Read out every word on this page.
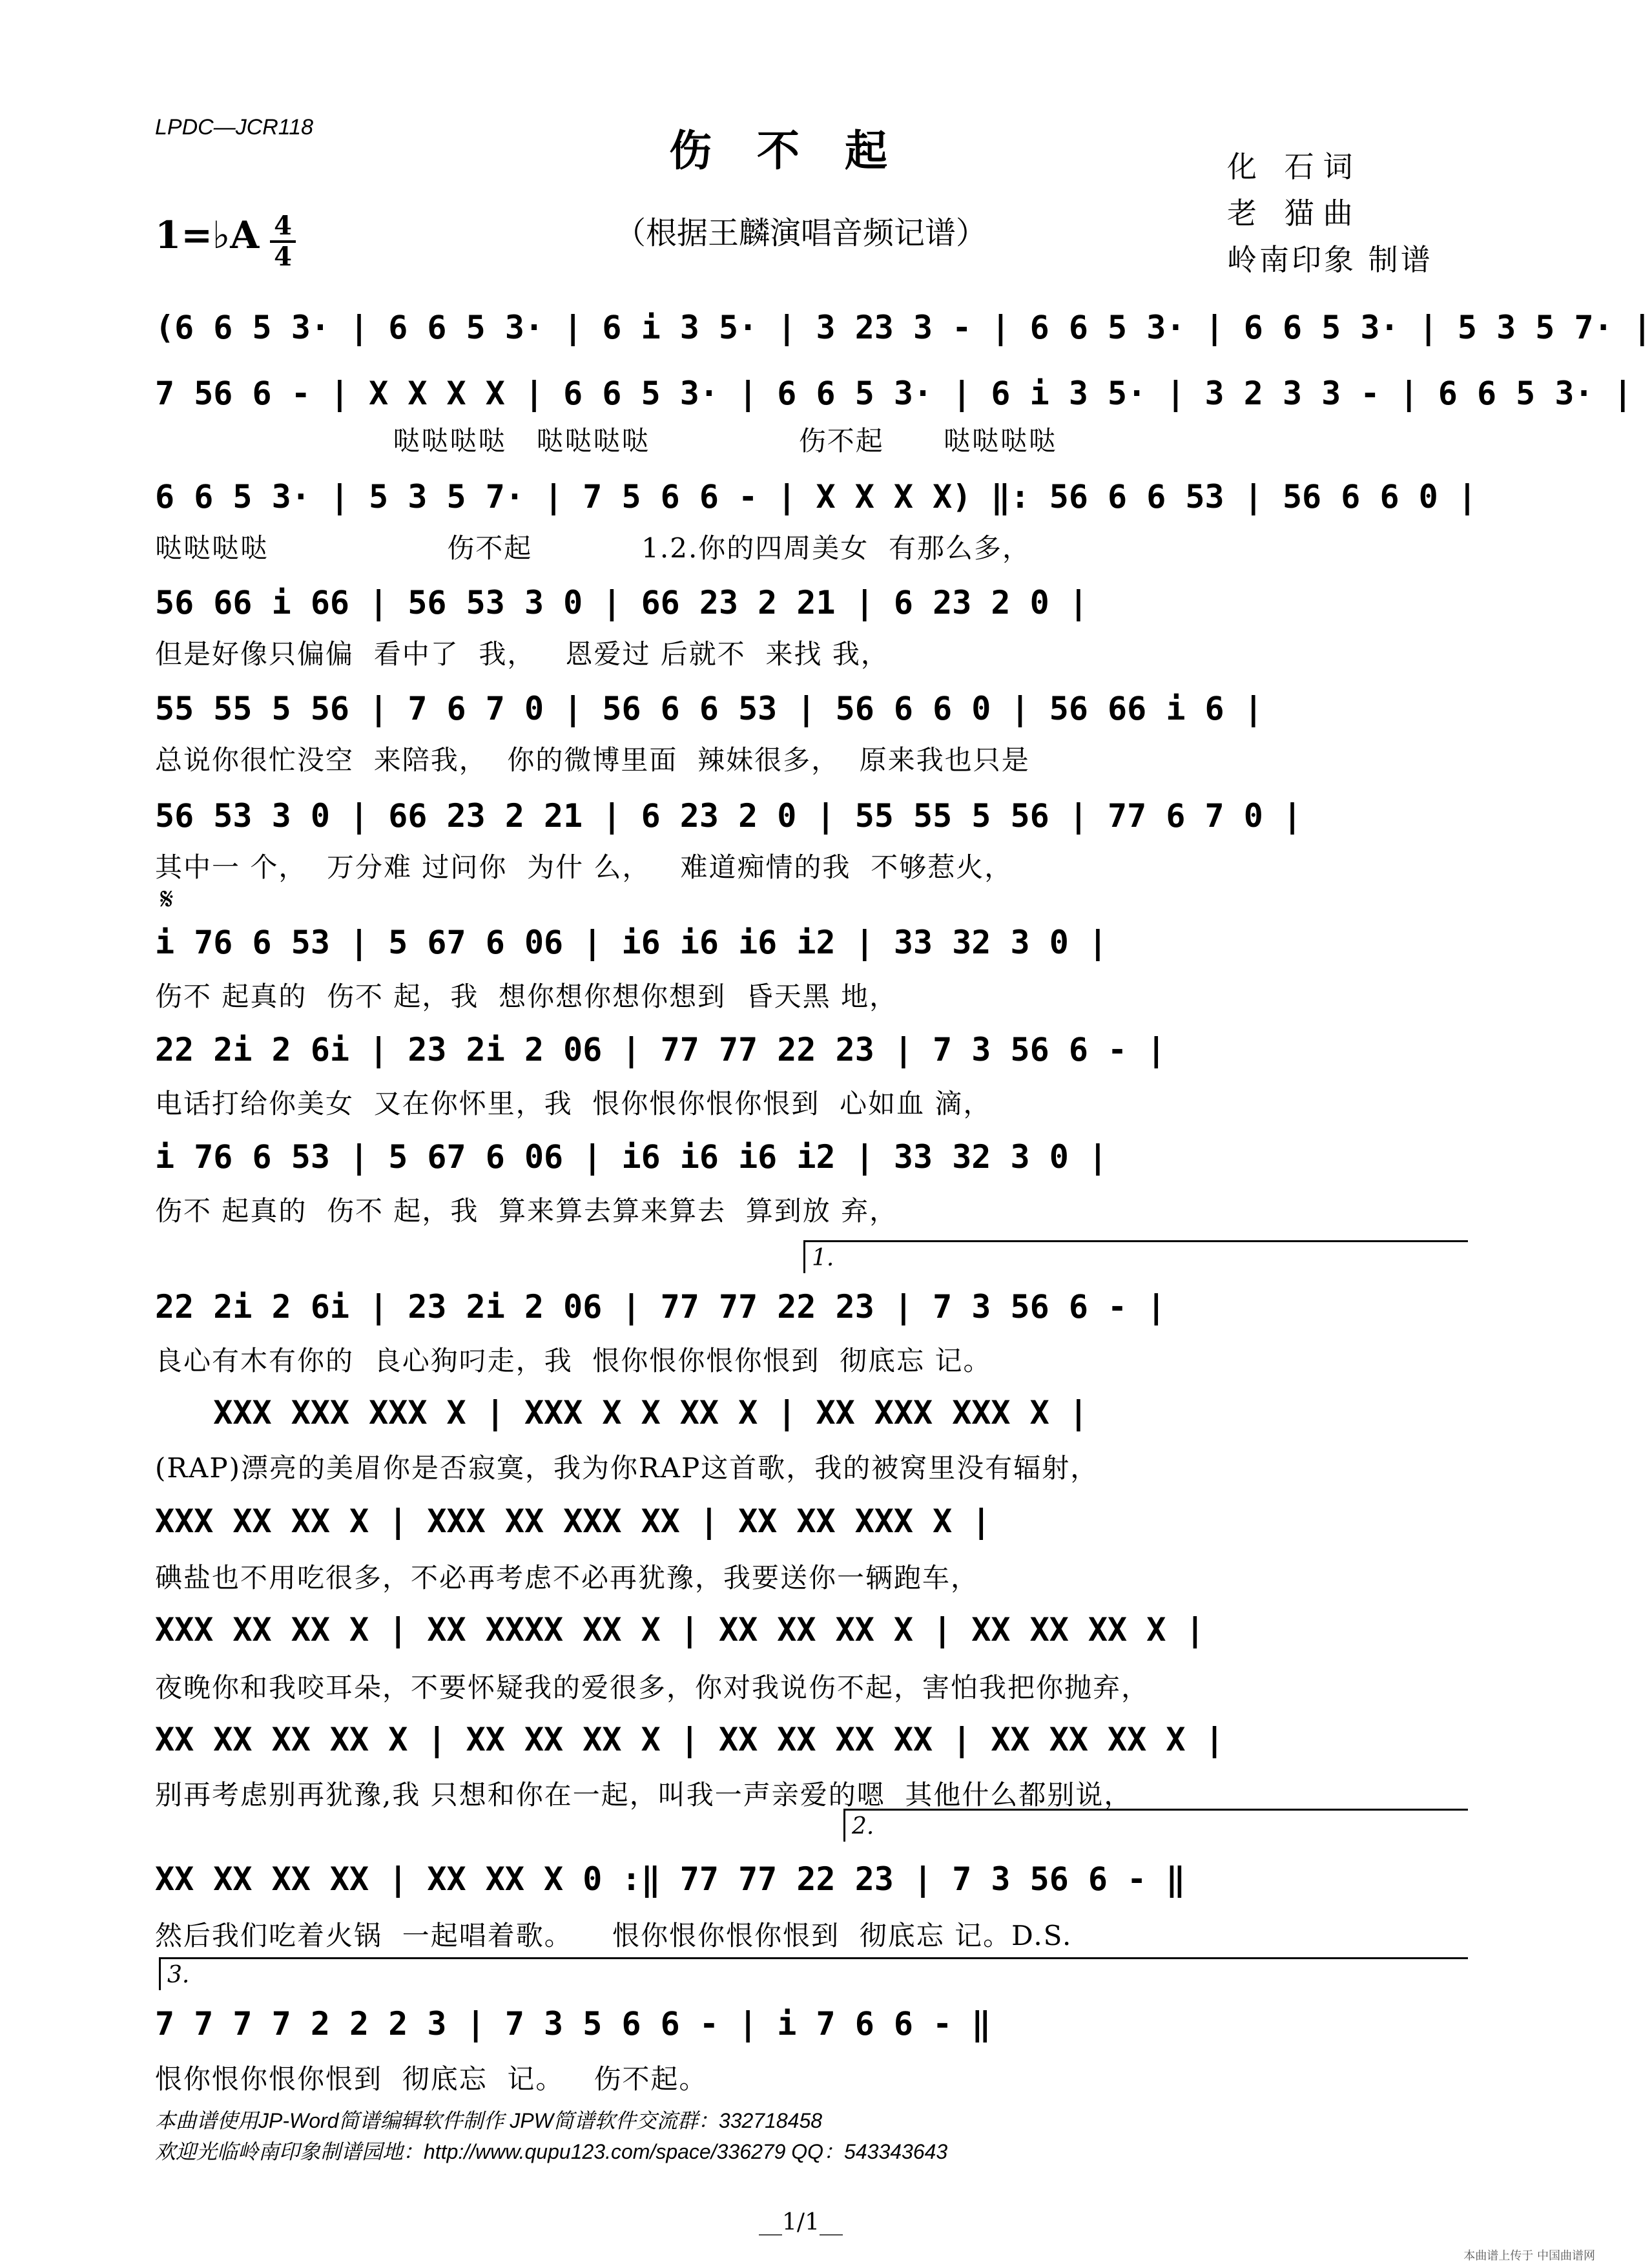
LPDC—JCR118	伤不起
（根据王麟演唱音频记谱）
化 石词
老 猫曲
岭南印象 制谱
1=♭A 4
4
(6 6 5 3· | 6 6 5 3· | 6 i 3 5· | 3 23 3 - | 6 6 5 3· | 6 6 5 3· | 5 3 5 7· |
7 56 6 - | X X X X | 6 6 5 3· | 6 6 5 3· | 6 i 3 5· | 3 2 3 3 - | 6 6 5 3· |
哒哒哒哒   哒哒哒哒               伤不起      哒哒哒哒
6 6 5 3· | 5 3 5 7· | 7 5 6 6 - | X X X X) ‖: 56 6 6 53 | 56 6 6 0 |
哒哒哒哒                  伤不起           1.2.你的四周美女  有那么多，
56 66 i 66 | 56 53 3 0 | 66 23 2 21 | 6 23 2 0 |
但是好像只偏偏  看中了  我，   恩爱过 后就不  来找 我，
55 55 5 56 | 7 6 7 0 | 56 6 6 53 | 56 6 6 0 | 56 66 i 6 |
总说你很忙没空  来陪我，  你的微博里面  辣妹很多，  原来我也只是
56 53 3 0 | 66 23 2 21 | 6 23 2 0 | 55 55 5 56 | 77 6 7 0 |
其中一 个，  万分难 过问你  为什 么，   难道痴情的我  不够惹火，
𝄋
i 76 6 53 | 5 67 6 06 | i6 i6 i6 i2 | 33 32 3 0 |
伤不 起真的  伤不 起，我  想你想你想你想到  昏天黑 地，
22 2i 2 6i | 23 2i 2 06 | 77 77 22 23 | 7 3 56 6 - |
电话打给你美女  又在你怀里，我  恨你恨你恨你恨到  心如血 滴，
i 76 6 53 | 5 67 6 06 | i6 i6 i6 i2 | 33 32 3 0 |
伤不 起真的  伤不 起，我  算来算去算来算去  算到放 弃，
1.
22 2i 2 6i | 23 2i 2 06 | 77 77 22 23 | 7 3 56 6 - |
良心有木有你的  良心狗叼走，我  恨你恨你恨你恨到  彻底忘 记。
XXX XXX XXX X | XXX X X XX X | XX XXX XXX X |
(RAP)漂亮的美眉你是否寂寞，我为你RAP这首歌，我的被窝里没有辐射，
XXX XX XX X | XXX XX XXX XX | XX XX XXX X |
碘盐也不用吃很多，不必再考虑不必再犹豫，我要送你一辆跑车，
XXX XX XX X | XX XXXX XX X | XX XX XX X | XX XX XX X |
夜晚你和我咬耳朵，不要怀疑我的爱很多，你对我说伤不起，害怕我把你抛弃，
XX XX XX XX X | XX XX XX X | XX XX XX XX | XX XX XX X |
别再考虑别再犹豫,我 只想和你在一起，叫我一声亲爱的嗯  其他什么都别说，
2.
XX XX XX XX | XX XX X 0 :‖ 77 77 22 23 | 7 3 56 6 - ‖
然后我们吃着火锅  一起唱着歌。    恨你恨你恨你恨到  彻底忘 记。D.S.
3.
7 7 7 7 2 2 2 3 | 7 3 5 6 6 - | i 7 6 6 - ‖
恨你恨你恨你恨到  彻底忘  记。   伤不起。
本曲谱使用JP-Word简谱编辑软件制作 JPW简谱软件交流群：332718458
欢迎光临岭南印象制谱园地：http://www.qupu123.com/space/336279 QQ：543343643
__1/1__
本曲谱上传于 中国曲谱网
